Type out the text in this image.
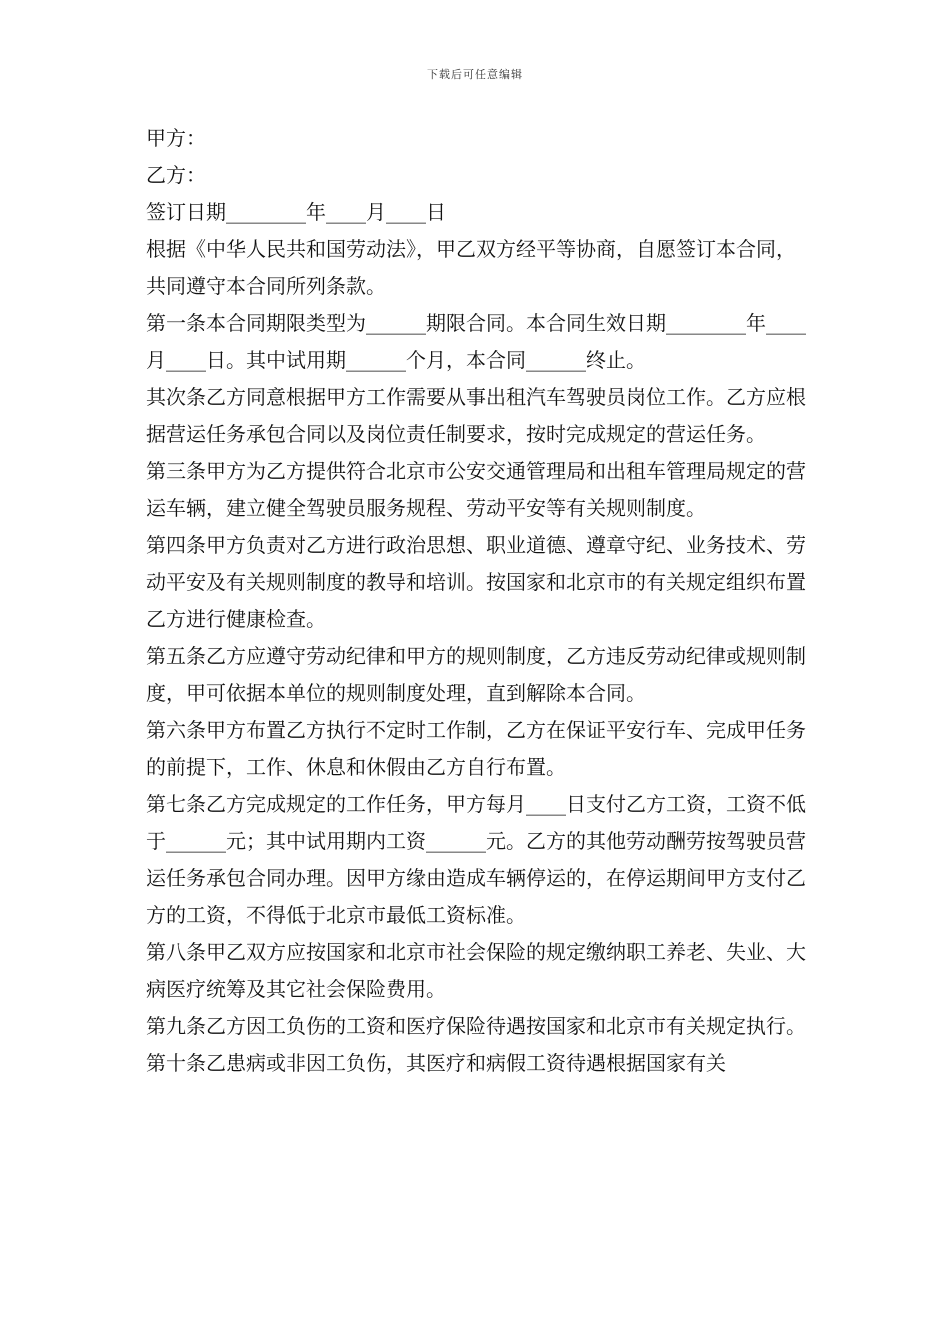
下载后可任意编辑

甲方：

乙方：

签订日期________年____月____日

根据《中华人民共和国劳动法》，甲乙双方经平等协商，自愿签订本合同，共同遵守本合同所列条款。

第一条本合同期限类型为______期限合同。本合同生效日期________年____月____日。其中试用期______个月，本合同______终止。

其次条乙方同意根据甲方工作需要从事出租汽车驾驶员岗位工作。乙方应根据营运任务承包合同以及岗位责任制要求，按时完成规定的营运任务。

第三条甲方为乙方提供符合北京市公安交通管理局和出租车管理局规定的营运车辆，建立健全驾驶员服务规程、劳动平安等有关规则制度。

第四条甲方负责对乙方进行政治思想、职业道德、遵章守纪、业务技术、劳动平安及有关规则制度的教导和培训。按国家和北京市的有关规定组织布置乙方进行健康检查。

第五条乙方应遵守劳动纪律和甲方的规则制度，乙方违反劳动纪律或规则制度，甲可依据本单位的规则制度处理，直到解除本合同。

第六条甲方布置乙方执行不定时工作制，乙方在保证平安行车、完成甲任务的前提下，工作、休息和休假由乙方自行布置。

第七条乙方完成规定的工作任务，甲方每月____日支付乙方工资，工资不低于______元；其中试用期内工资______元。乙方的其他劳动酬劳按驾驶员营运任务承包合同办理。因甲方缘由造成车辆停运的，在停运期间甲方支付乙方的工资，不得低于北京市最低工资标准。

第八条甲乙双方应按国家和北京市社会保险的规定缴纳职工养老、失业、大病医疗统筹及其它社会保险费用。

第九条乙方因工负伤的工资和医疗保险待遇按国家和北京市有关规定执行。

第十条乙患病或非因工负伤，其医疗和病假工资待遇根据国家有关
